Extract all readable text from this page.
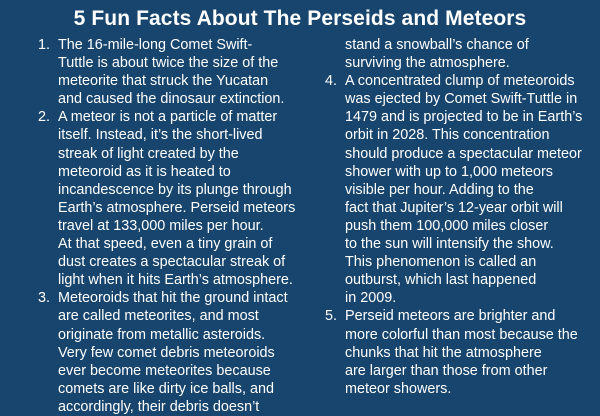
5 Fun Facts About The Perseids and Meteors
1. The 16-mile-long Comet Swift-
Tuttle is about twice the size of the
meteorite that struck the Yucatan
and caused the dinosaur extinction.
2. A meteor is not a particle of matter
itself. Instead, it’s the short-lived
streak of light created by the
meteoroid as it is heated to
incandescence by its plunge through
Earth’s atmosphere. Perseid meteors
travel at 133,000 miles per hour.
At that speed, even a tiny grain of
dust creates a spectacular streak of
light when it hits Earth’s atmosphere.
3. Meteoroids that hit the ground intact
are called meteorites, and most
originate from metallic asteroids.
Very few comet debris meteoroids
ever become meteorites because
comets are like dirty ice balls, and
accordingly, their debris doesn’t
stand a snowball’s chance of
surviving the atmosphere.
4. A concentrated clump of meteoroids
was ejected by Comet Swift-Tuttle in
1479 and is projected to be in Earth’s
orbit in 2028. This concentration
should produce a spectacular meteor
shower with up to 1,000 meteors
visible per hour. Adding to the
fact that Jupiter’s 12-year orbit will
push them 100,000 miles closer
to the sun will intensify the show.
This phenomenon is called an
outburst, which last happened
in 2009.
5. Perseid meteors are brighter and
more colorful than most because the
chunks that hit the atmosphere
are larger than those from other
meteor showers.
